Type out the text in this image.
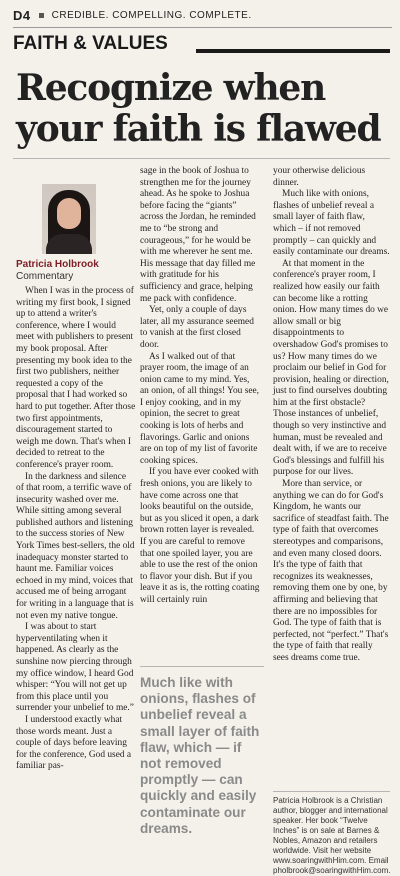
D4 CREDIBLE. COMPELLING. COMPLETE.
FAITH & VALUES
Recognize when your faith is flawed
Patricia Holbrook
Commentary

When I was in the process of writing my first book, I signed up to attend a writer's conference, where I would meet with publishers to present my book proposal. After presenting my book idea to the first two publishers, neither requested a copy of the proposal that I had worked so hard to put together. After those two first appointments, discouragement started to weigh me down. That's when I decided to retreat to the conference's prayer room.

In the darkness and silence of that room, a terrific wave of insecurity washed over me. While sitting among several published authors and listening to the success stories of New York Times best-sellers, the old inadequacy monster started to haunt me. Familiar voices echoed in my mind, voices that accused me of being arrogant for writing in a language that is not even my native tongue.

I was about to start hyperventilating when it happened. As clearly as the sunshine now piercing through my office window, I heard God whisper: “You will not get up from this place until you surrender your unbelief to me.”

I understood exactly what those words meant. Just a couple of days before leaving for the conference, God used a familiar pas-

sage in the book of Joshua to strengthen me for the journey ahead. As he spoke to Joshua before facing the “giants” across the Jordan, he reminded me to “be strong and courageous,” for he would be with me wherever he sent me. His message that day filled me with gratitude for his sufficiency and grace, helping me pack with confidence.

Yet, only a couple of days later, all my assurance seemed to vanish at the first closed door.

As I walked out of that prayer room, the image of an onion came to my mind. Yes, an onion, of all things! You see, I enjoy cooking, and in my opinion, the secret to great cooking is lots of herbs and flavorings. Garlic and onions are on top of my list of favorite cooking spices.

If you have ever cooked with fresh onions, you are likely to have come across one that looks beautiful on the outside, but as you sliced it open, a dark brown rotten layer is revealed. If you are careful to remove that one spoiled layer, you are able to use the rest of the onion to flavor your dish. But if you leave it as is, the rotting coating will certainly ruin

Much like with onions, flashes of unbelief reveal a small layer of faith flaw, which — if not removed promptly — can quickly and easily contaminate our dreams.

your otherwise delicious dinner.

Much like with onions, flashes of unbelief reveal a small layer of faith flaw, which – if not removed promptly – can quickly and easily contaminate our dreams.

At that moment in the conference's prayer room, I realized how easily our faith can become like a rotting onion. How many times do we allow small or big disappointments to overshadow God's promises to us? How many times do we proclaim our belief in God for provision, healing or direction, just to find ourselves doubting him at the first obstacle? Those instances of unbelief, though so very instinctive and human, must be revealed and dealt with, if we are to receive God's blessings and fulfill his purpose for our lives.

More than service, or anything we can do for God's Kingdom, he wants our sacrifice of steadfast faith. The type of faith that overcomes stereotypes and comparisons, and even many closed doors. It's the type of faith that recognizes its weaknesses, removing them one by one, by affirming and believing that there are no impossibles for God. The type of faith that is perfected, not “perfect.” That's the type of faith that really sees dreams come true.

Patricia Holbrook is a Christian author, blogger and international speaker. Her book “Twelve Inches” is on sale at Barnes & Nobles, Amazon and retailers worldwide. Visit her website www.soaringwithHim.com. Email pholbrook@soaringwithHim.com.
